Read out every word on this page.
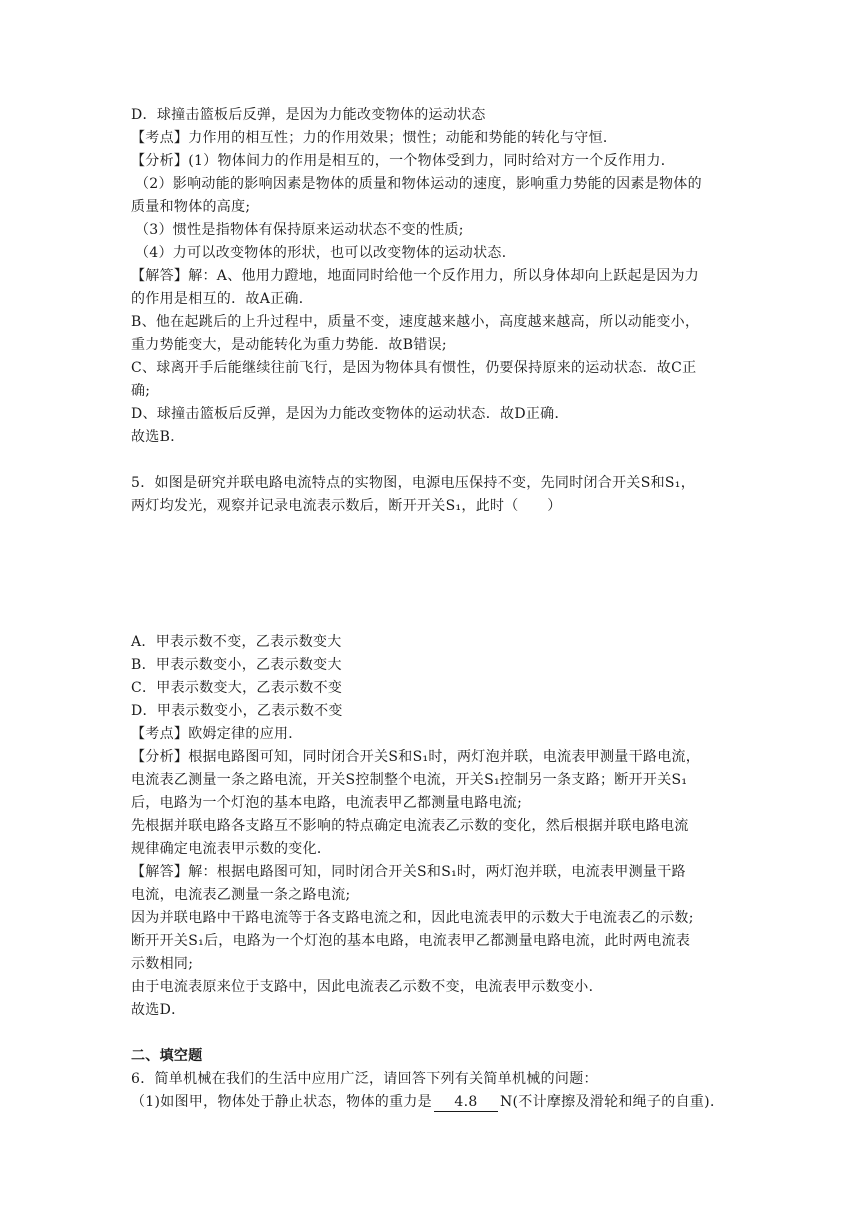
D．球撞击篮板后反弹，是因为力能改变物体的运动状态
【考点】力作用的相互性；力的作用效果；惯性；动能和势能的转化与守恒．
【分析】(1）物体间力的作用是相互的，一个物体受到力，同时给对方一个反作用力．
（2）影响动能的影响因素是物体的质量和物体运动的速度，影响重力势能的因素是物体的
质量和物体的高度;
（3）惯性是指物体有保持原来运动状态不变的性质;
（4）力可以改变物体的形状，也可以改变物体的运动状态．
【解答】解：A、他用力蹬地，地面同时给他一个反作用力，所以身体却向上跃起是因为力
的作用是相互的．故A正确．
B、他在起跳后的上升过程中，质量不变，速度越来越小，高度越来越高，所以动能变小，
重力势能变大，是动能转化为重力势能．故B错误;
C、球离开手后能继续往前飞行，是因为物体具有惯性，仍要保持原来的运动状态．故C正
确;
D、球撞击篮板后反弹，是因为力能改变物体的运动状态．故D正确．
故选B．
5．如图是研究并联电路电流特点的实物图，电源电压保持不变，先同时闭合开关S和S₁，
两灯均发光，观察并记录电流表示数后，断开开关S₁，此时（　　）
A．甲表示数不变，乙表示数变大
B．甲表示数变小，乙表示数变大
C．甲表示数变大，乙表示数不变
D．甲表示数变小，乙表示数不变
【考点】欧姆定律的应用．
【分析】根据电路图可知，同时闭合开关S和S₁时，两灯泡并联，电流表甲测量干路电流，
电流表乙测量一条之路电流，开关S控制整个电流，开关S₁控制另一条支路；断开开关S₁
后，电路为一个灯泡的基本电路，电流表甲乙都测量电路电流;
先根据并联电路各支路互不影响的特点确定电流表乙示数的变化，然后根据并联电路电流
规律确定电流表甲示数的变化．
【解答】解：根据电路图可知，同时闭合开关S和S₁时，两灯泡并联，电流表甲测量干路
电流，电流表乙测量一条之路电流;
因为并联电路中干路电流等于各支路电流之和，因此电流表甲的示数大于电流表乙的示数;
断开开关S₁后，电路为一个灯泡的基本电路，电流表甲乙都测量电路电流，此时两电流表
示数相同;
由于电流表原来位于支路中，因此电流表乙示数不变，电流表甲示数变小．
故选D．
二、填空题
6．简单机械在我们的生活中应用广泛，请回答下列有关简单机械的问题：
（1)如图甲，物体处于静止状态，物体的重力是 4.8 N(不计摩擦及滑轮和绳子的自重)．
